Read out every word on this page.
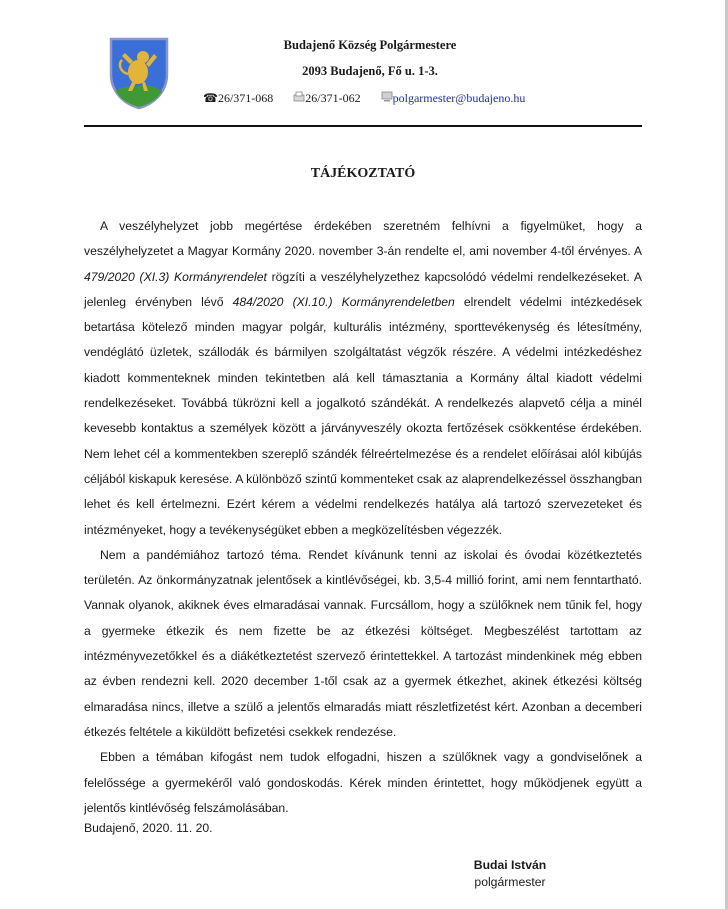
Budajenő Község Polgármestere
2093 Budajenő, Fő u. 1-3.
☎26/371-068	26/371-062	polgarmester@budajeno.hu
TÁJÉKOZTATÓ

A veszélyhelyzet jobb megértése érdekében szeretném felhívni a figyelmüket, hogy a veszélyhelyzetet a Magyar Kormány 2020. november 3-án rendelte el, ami november 4-től érvényes. A 479/2020 (XI.3) Kormányrendelet rögzíti a veszélyhelyzethez kapcsolódó védelmi rendelkezéseket. A jelenleg érvényben lévő 484/2020 (XI.10.) Kormányrendeletben elrendelt védelmi intézkedések betartása kötelező minden magyar polgár, kulturális intézmény, sporttevékenység és létesítmény, vendéglátó üzletek, szállodák és bármilyen szolgáltatást végzők részére. A védelmi intézkedéshez kiadott kommenteknek minden tekintetben alá kell támasztania a Kormány által kiadott védelmi rendelkezéseket. Továbbá tükrözni kell a jogalkotó szándékát. A rendelkezés alapvető célja a minél kevesebb kontaktus a személyek között a járványveszély okozta fertőzések csökkentése érdekében. Nem lehet cél a kommentekben szereplő szándék félreértelmezése és a rendelet előírásai alól kibújás céljából kiskapuk keresése. A különböző szintű kommenteket csak az alaprendelkezéssel összhangban lehet és kell értelmezni. Ezért kérem a védelmi rendelkezés hatálya alá tartozó szervezeteket és intézményeket, hogy a tevékenységüket ebben a megközelítésben végezzék.

Nem a pandémiához tartozó téma. Rendet kívánunk tenni az iskolai és óvodai közétkeztetés területén. Az önkormányzatnak jelentősek a kintlévőségei, kb. 3,5-4 millió forint, ami nem fenntartható. Vannak olyanok, akiknek éves elmaradásai vannak. Furcsállom, hogy a szülőknek nem tűnik fel, hogy a gyermeke étkezik és nem fizette be az étkezési költséget. Megbeszélést tartottam az intézményvezetőkkel és a diákétkeztetést szervező érintettekkel. A tartozást mindenkinek még ebben az évben rendezni kell. 2020 december 1-től csak az a gyermek étkezhet, akinek étkezési költség elmaradása nincs, illetve a szülő a jelentős elmaradás miatt részletfizetést kért. Azonban a decemberi étkezés feltétele a kiküldött befizetési csekkek rendezése.

Ebben a témában kifogást nem tudok elfogadni, hiszen a szülőknek vagy a gondviselőnek a felelőssége a gyermekéről való gondoskodás. Kérek minden érintettet, hogy működjenek együtt a jelentős kintlévőség felszámolásában.

Budajenő, 2020. 11. 20.
Budai István
polgármester
